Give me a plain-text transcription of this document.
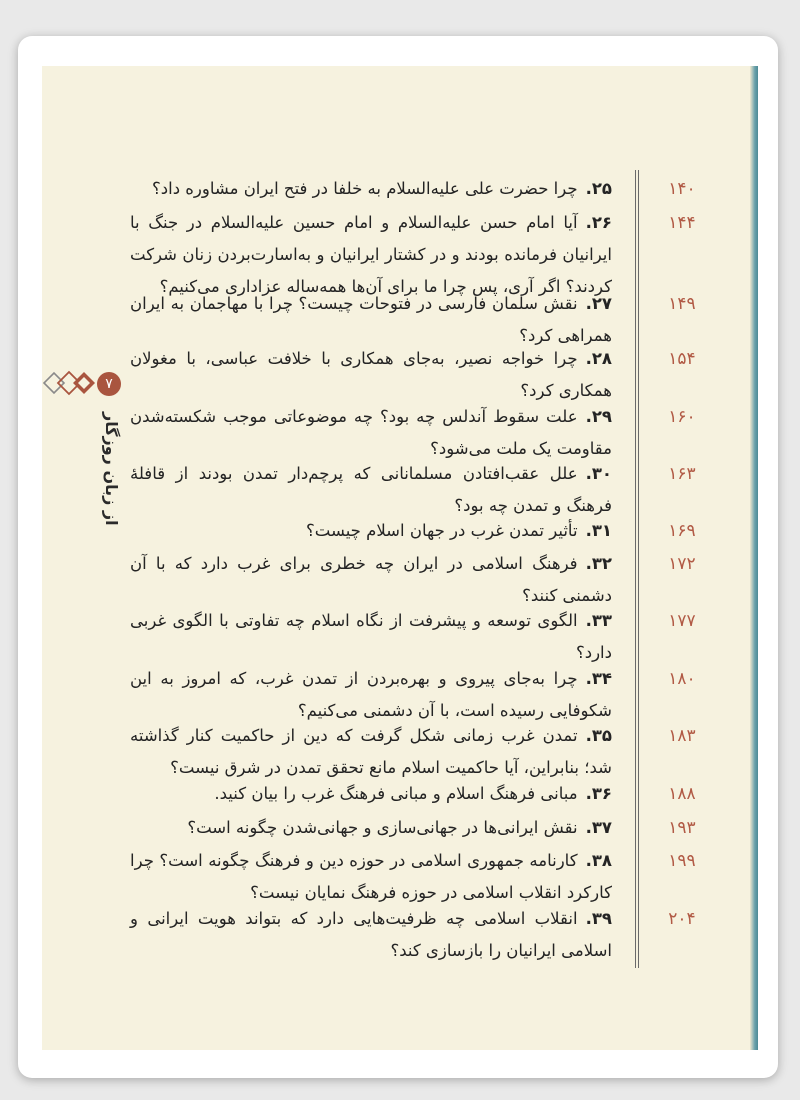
۷
از زبان روزگار
۱۴۰
۲۵.چرا حضرت علی علیه‌السلام به خلفا در فتح ایران مشاوره داد؟
۱۴۴
۲۶.آیا امام حسن علیه‌السلام و امام حسین علیه‌السلام در جنگ با ایرانیان فرمانده بودند و در کشتار ایرانیان و به‌اسارت‌بردن زنان شرکت کردند؟ اگر آری، پس چرا ما برای آن‌ها همه‌ساله عزاداری می‌کنیم؟
۱۴۹
۲۷.نقش سلمان فارسی در فتوحات چیست؟ چرا با مهاجمان به ایران همراهی کرد؟
۱۵۴
۲۸.چرا خواجه نصیر، به‌جای همکاری با خلافت عباسی، با مغولان همکاری کرد؟
۱۶۰
۲۹.علت سقوط آندلس چه بود؟ چه موضوعاتی موجب شکسته‌شدن مقاومت یک ملت می‌شود؟
۱۶۳
۳۰.علل عقب‌افتادن مسلمانانی که پرچم‌دار تمدن بودند از قافلهٔ فرهنگ و تمدن چه بود؟
۱۶۹
۳۱.تأثیر تمدن غرب در جهان اسلام چیست؟
۱۷۲
۳۲.فرهنگ اسلامی در ایران چه خطری برای غرب دارد که با آن دشمنی کنند؟
۱۷۷
۳۳.الگوی توسعه و پیشرفت از نگاه اسلام چه تفاوتی با الگوی غربی دارد؟
۱۸۰
۳۴.چرا به‌جای پیروی و بهره‌بردن از تمدن غرب، که امروز به این شکوفایی رسیده است، با آن دشمنی می‌کنیم؟
۱۸۳
۳۵.تمدن غرب زمانی شکل گرفت که دین از حاکمیت کنار گذاشته شد؛ بنابراین، آیا حاکمیت اسلام مانع تحقق تمدن در شرق نیست؟
۱۸۸
۳۶.مبانی فرهنگ اسلام و مبانی فرهنگ غرب را بیان کنید.
۱۹۳
۳۷.نقش ایرانی‌ها در جهانی‌سازی و جهانی‌شدن چگونه است؟
۱۹۹
۳۸.کارنامه جمهوری اسلامی در حوزه دین و فرهنگ چگونه است؟ چرا کارکرد انقلاب اسلامی در حوزه فرهنگ نمایان نیست؟
۲۰۴
۳۹.انقلاب اسلامی چه ظرفیت‌هایی دارد که بتواند هویت ایرانی و اسلامی ایرانیان را بازسازی کند؟
